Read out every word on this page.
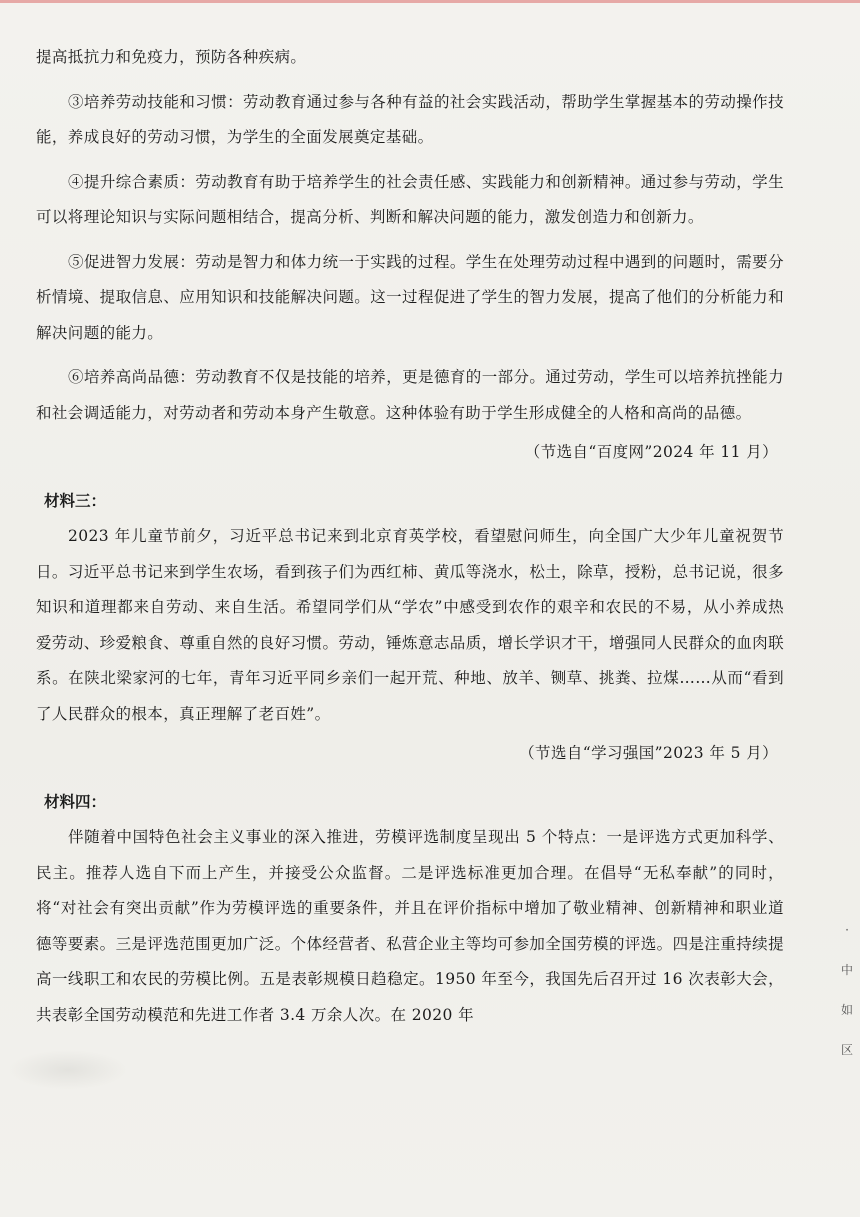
提高抵抗力和免疫力，预防各种疾病。

③培养劳动技能和习惯：劳动教育通过参与各种有益的社会实践活动，帮助学生掌握基本的劳动操作技能，养成良好的劳动习惯，为学生的全面发展奠定基础。

④提升综合素质：劳动教育有助于培养学生的社会责任感、实践能力和创新精神。通过参与劳动，学生可以将理论知识与实际问题相结合，提高分析、判断和解决问题的能力，激发创造力和创新力。

⑤促进智力发展：劳动是智力和体力统一于实践的过程。学生在处理劳动过程中遇到的问题时，需要分析情境、提取信息、应用知识和技能解决问题。这一过程促进了学生的智力发展，提高了他们的分析能力和解决问题的能力。

⑥培养高尚品德：劳动教育不仅是技能的培养，更是德育的一部分。通过劳动，学生可以培养抗挫能力和社会调适能力，对劳动者和劳动本身产生敬意。这种体验有助于学生形成健全的人格和高尚的品德。

（节选自“百度网”2024 年 11 月）

材料三：

2023 年儿童节前夕，习近平总书记来到北京育英学校，看望慰问师生，向全国广大少年儿童祝贺节日。习近平总书记来到学生农场，看到孩子们为西红柿、黄瓜等浇水，松土，除草，授粉，总书记说，很多知识和道理都来自劳动、来自生活。希望同学们从“学农”中感受到农作的艰辛和农民的不易，从小养成热爱劳动、珍爱粮食、尊重自然的良好习惯。劳动，锤炼意志品质，增长学识才干，增强同人民群众的血肉联系。在陕北梁家河的七年，青年习近平同乡亲们一起开荒、种地、放羊、铡草、挑粪、拉煤……从而“看到了人民群众的根本，真正理解了老百姓”。

（节选自“学习强国”2023 年 5 月）

材料四：

伴随着中国特色社会主义事业的深入推进，劳模评选制度呈现出 5 个特点：一是评选方式更加科学、民主。推荐人选自下而上产生，并接受公众监督。二是评选标准更加合理。在倡导“无私奉献”的同时，将“对社会有突出贡献”作为劳模评选的重要条件，并且在评价指标中增加了敬业精神、创新精神和职业道德等要素。三是评选范围更加广泛。个体经营者、私营企业主等均可参加全国劳模的评选。四是注重持续提高一线职工和农民的劳模比例。五是表彰规模日趋稳定。1950 年至今，我国先后召开过 16 次表彰大会，共表彰全国劳动模范和先进工作者 3.4 万余人次。在 2020 年

·
中
如
区
